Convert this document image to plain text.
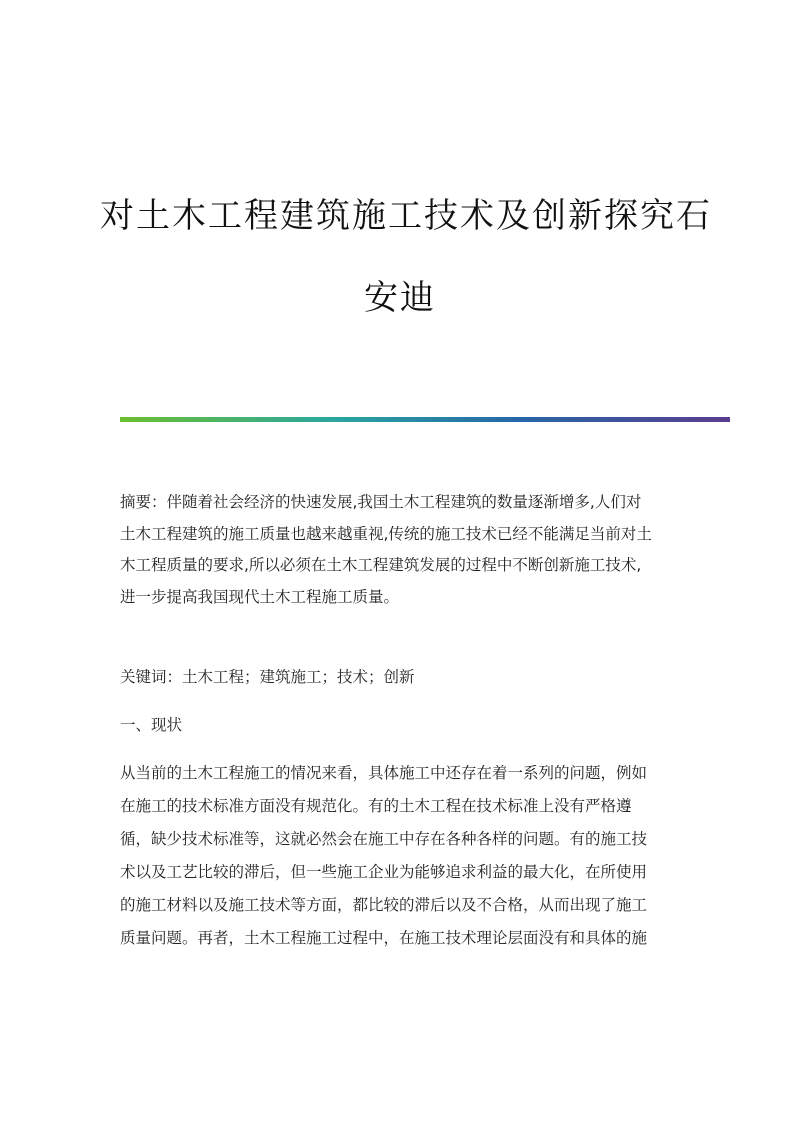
对土木工程建筑施工技术及创新探究石
安迪
摘要：伴随着社会经济的快速发展,我国土木工程建筑的数量逐渐增多,人们对
土木工程建筑的施工质量也越来越重视,传统的施工技术已经不能满足当前对土
木工程质量的要求,所以必须在土木工程建筑发展的过程中不断创新施工技术,
进一步提高我国现代土木工程施工质量。
关键词：土木工程；建筑施工；技术；创新
一、现状
从当前的土木工程施工的情况来看，具体施工中还存在着一系列的问题，例如
在施工的技术标准方面没有规范化。有的土木工程在技术标准上没有严格遵
循，缺少技术标准等，这就必然会在施工中存在各种各样的问题。有的施工技
术以及工艺比较的滞后，但一些施工企业为能够追求利益的最大化，在所使用
的施工材料以及施工技术等方面，都比较的滞后以及不合格，从而出现了施工
质量问题。再者，土木工程施工过程中，在施工技术理论层面没有和具体的施
